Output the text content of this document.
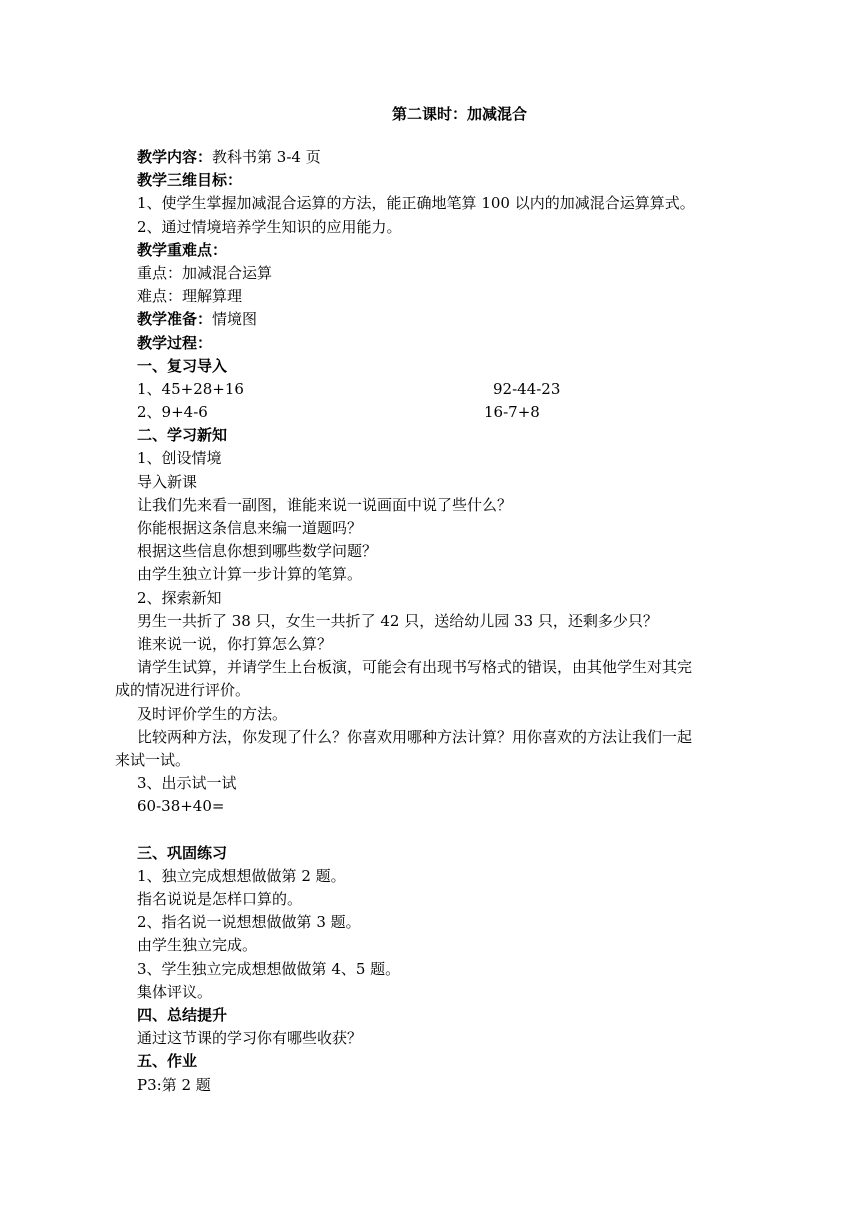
第二课时：加减混合
教学内容：教科书第 3-4 页
教学三维目标：
1、使学生掌握加减混合运算的方法，能正确地笔算 100 以内的加减混合运算算式。
2、通过情境培养学生知识的应用能力。
教学重难点：
重点：加减混合运算
难点：理解算理
教学准备：情境图
教学过程：
一、复习导入
1、45+28+16	92-44-23
2、9+4-6	16-7+8
二、学习新知
1、创设情境
导入新课
让我们先来看一副图，谁能来说一说画面中说了些什么？
你能根据这条信息来编一道题吗？
根据这些信息你想到哪些数学问题？
由学生独立计算一步计算的笔算。
2、探索新知
男生一共折了 38 只，女生一共折了 42 只，送给幼儿园 33 只，还剩多少只？
谁来说一说，你打算怎么算？
请学生试算，并请学生上台板演，可能会有出现书写格式的错误，由其他学生对其完
成的情况进行评价。
及时评价学生的方法。
比较两种方法，你发现了什么？你喜欢用哪种方法计算？用你喜欢的方法让我们一起
来试一试。
3、出示试一试
60-38+40=
三、巩固练习
1、独立完成想想做做第 2 题。
指名说说是怎样口算的。
2、指名说一说想想做做第 3 题。
由学生独立完成。
3、学生独立完成想想做做第 4、5 题。
集体评议。
四、总结提升
通过这节课的学习你有哪些收获？
五、作业
P3:第 2 题
